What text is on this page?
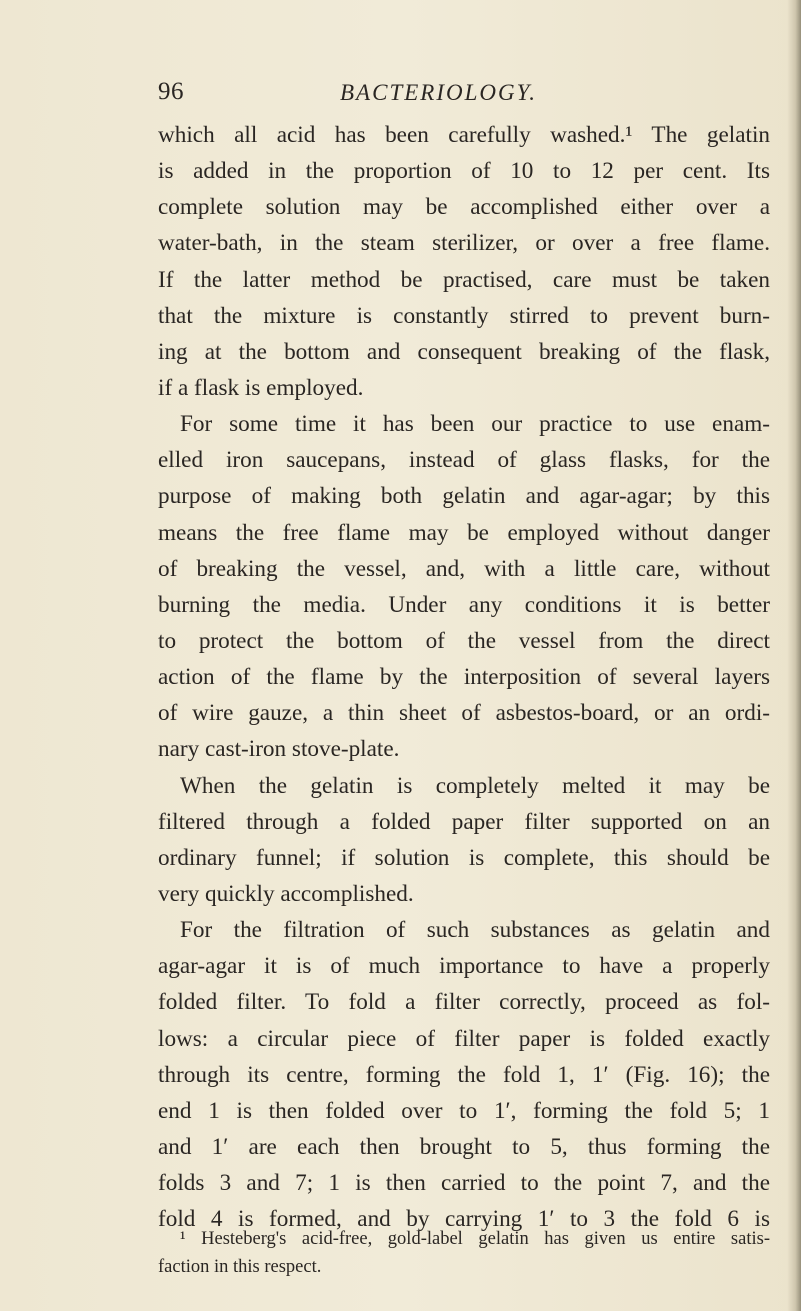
96	BACTERIOLOGY.
which all acid has been carefully washed.¹ The gelatin
is added in the proportion of 10 to 12 per cent. Its
complete solution may be accomplished either over a
water-bath, in the steam sterilizer, or over a free flame.
If the latter method be practised, care must be taken
that the mixture is constantly stirred to prevent burn-
ing at the bottom and consequent breaking of the flask,
if a flask is employed.
For some time it has been our practice to use enam-
elled iron saucepans, instead of glass flasks, for the
purpose of making both gelatin and agar-agar; by this
means the free flame may be employed without danger
of breaking the vessel, and, with a little care, without
burning the media. Under any conditions it is better
to protect the bottom of the vessel from the direct
action of the flame by the interposition of several layers
of wire gauze, a thin sheet of asbestos-board, or an ordi-
nary cast-iron stove-plate.
When the gelatin is completely melted it may be
filtered through a folded paper filter supported on an
ordinary funnel; if solution is complete, this should be
very quickly accomplished.
For the filtration of such substances as gelatin and
agar-agar it is of much importance to have a properly
folded filter. To fold a filter correctly, proceed as fol-
lows: a circular piece of filter paper is folded exactly
through its centre, forming the fold 1, 1′ (Fig. 16); the
end 1 is then folded over to 1′, forming the fold 5; 1
and 1′ are each then brought to 5, thus forming the
folds 3 and 7; 1 is then carried to the point 7, and the
fold 4 is formed, and by carrying 1′ to 3 the fold 6 is
¹ Hesteberg's acid-free, gold-label gelatin has given us entire satis-
faction in this respect.
